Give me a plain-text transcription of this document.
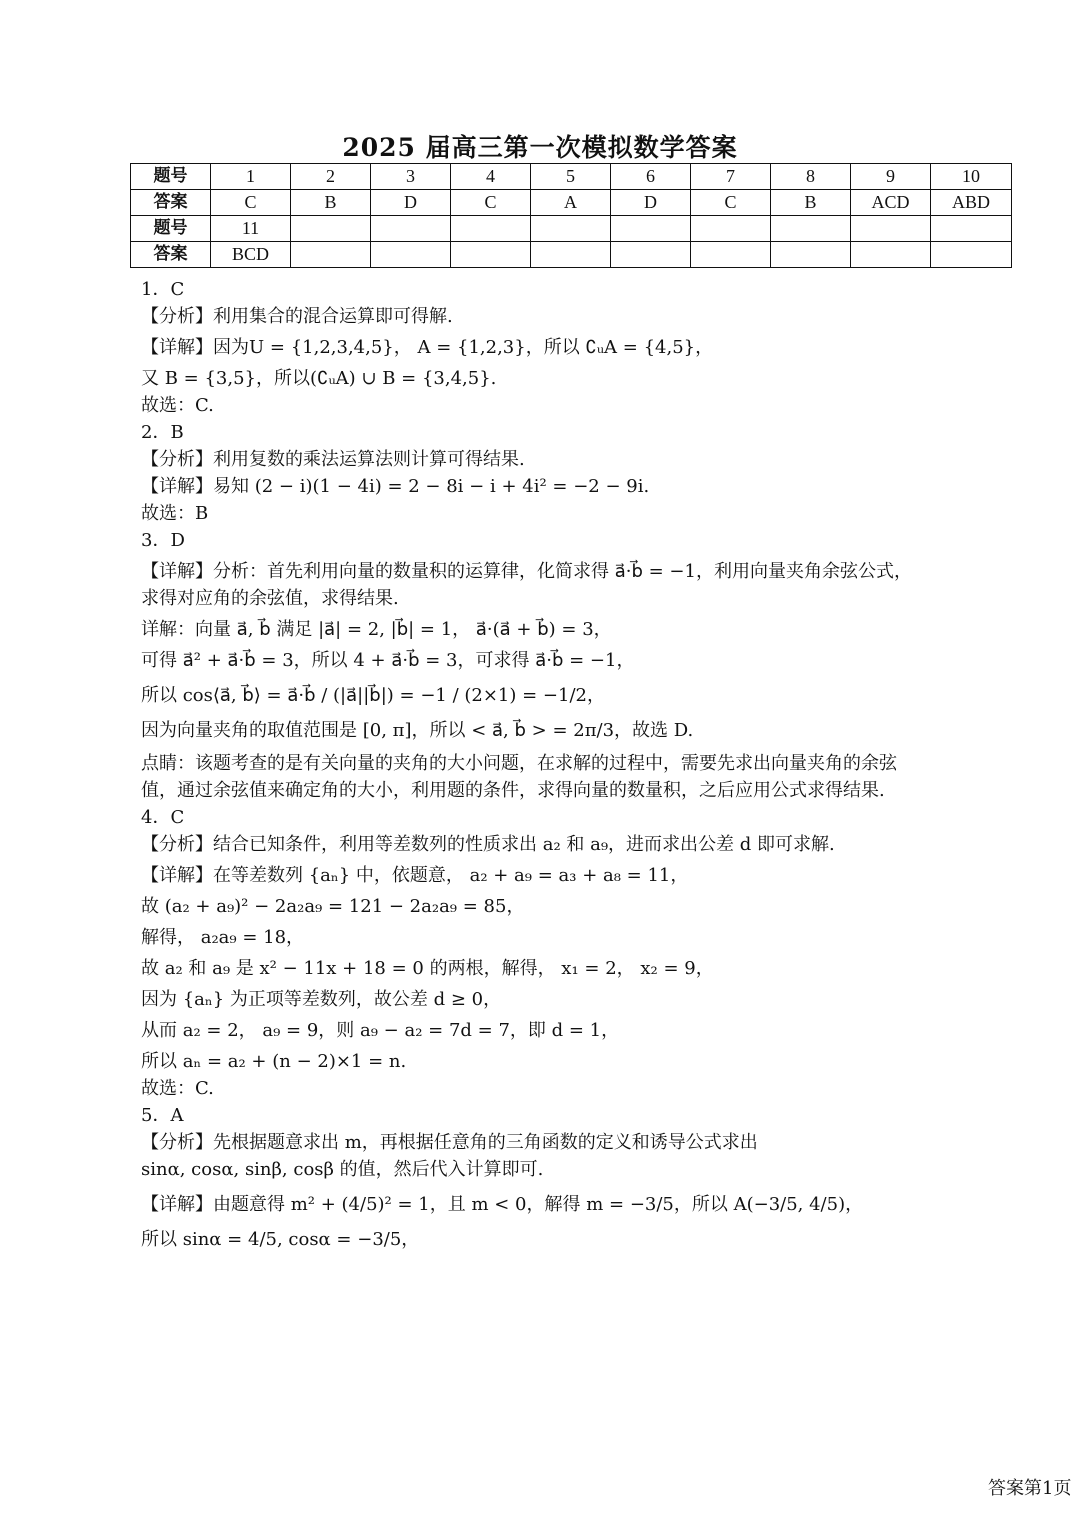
2025 届高三第一次模拟数学答案
题号	1	2	3	4	5	6	7	8	9	10
答案	C	B	D	C	A	D	C	B	ACD	ABD
题号	11									
答案	BCD									
1．C
【分析】利用集合的混合运算即可得解.
【详解】因为U = {1,2,3,4,5}， A = {1,2,3}，所以 ∁ᵤA = {4,5}，
又 B = {3,5}，所以(∁ᵤA) ∪ B = {3,4,5}.
故选：C.
2．B
【分析】利用复数的乘法运算法则计算可得结果.
【详解】易知 (2 − i)(1 − 4i) = 2 − 8i − i + 4i² = −2 − 9i.
故选：B
3．D
【详解】分析：首先利用向量的数量积的运算律，化简求得 a⃗·b⃗ = −1，利用向量夹角余弦公式，
求得对应角的余弦值，求得结果.
详解：向量 a⃗, b⃗ 满足 |a⃗| = 2, |b⃗| = 1， a⃗·(a⃗ + b⃗) = 3，
可得 a⃗² + a⃗·b⃗ = 3，所以 4 + a⃗·b⃗ = 3，可求得 a⃗·b⃗ = −1，
所以 cos⟨a⃗, b⃗⟩ = a⃗·b⃗ / (|a⃗||b⃗|) = −1 / (2×1) = −1/2，
因为向量夹角的取值范围是 [0, π]，所以 < a⃗, b⃗ > = 2π/3，故选 D.
点睛：该题考查的是有关向量的夹角的大小问题，在求解的过程中，需要先求出向量夹角的余弦
值，通过余弦值来确定角的大小，利用题的条件，求得向量的数量积，之后应用公式求得结果.
4．C
【分析】结合已知条件，利用等差数列的性质求出 a₂ 和 a₉，进而求出公差 d 即可求解.
【详解】在等差数列 {aₙ} 中，依题意， a₂ + a₉ = a₃ + a₈ = 11，
故 (a₂ + a₉)² − 2a₂a₉ = 121 − 2a₂a₉ = 85，
解得， a₂a₉ = 18，
故 a₂ 和 a₉ 是 x² − 11x + 18 = 0 的两根，解得， x₁ = 2， x₂ = 9，
因为 {aₙ} 为正项等差数列，故公差 d ≥ 0，
从而 a₂ = 2， a₉ = 9，则 a₉ − a₂ = 7d = 7，即 d = 1，
所以 aₙ = a₂ + (n − 2)×1 = n.
故选：C.
5．A
【分析】先根据题意求出 m，再根据任意角的三角函数的定义和诱导公式求出
sinα, cosα, sinβ, cosβ 的值，然后代入计算即可.
【详解】由题意得 m² + (4/5)² = 1，且 m < 0，解得 m = −3/5，所以 A(−3/5, 4/5)，
所以 sinα = 4/5, cosα = −3/5，
答案第1页
